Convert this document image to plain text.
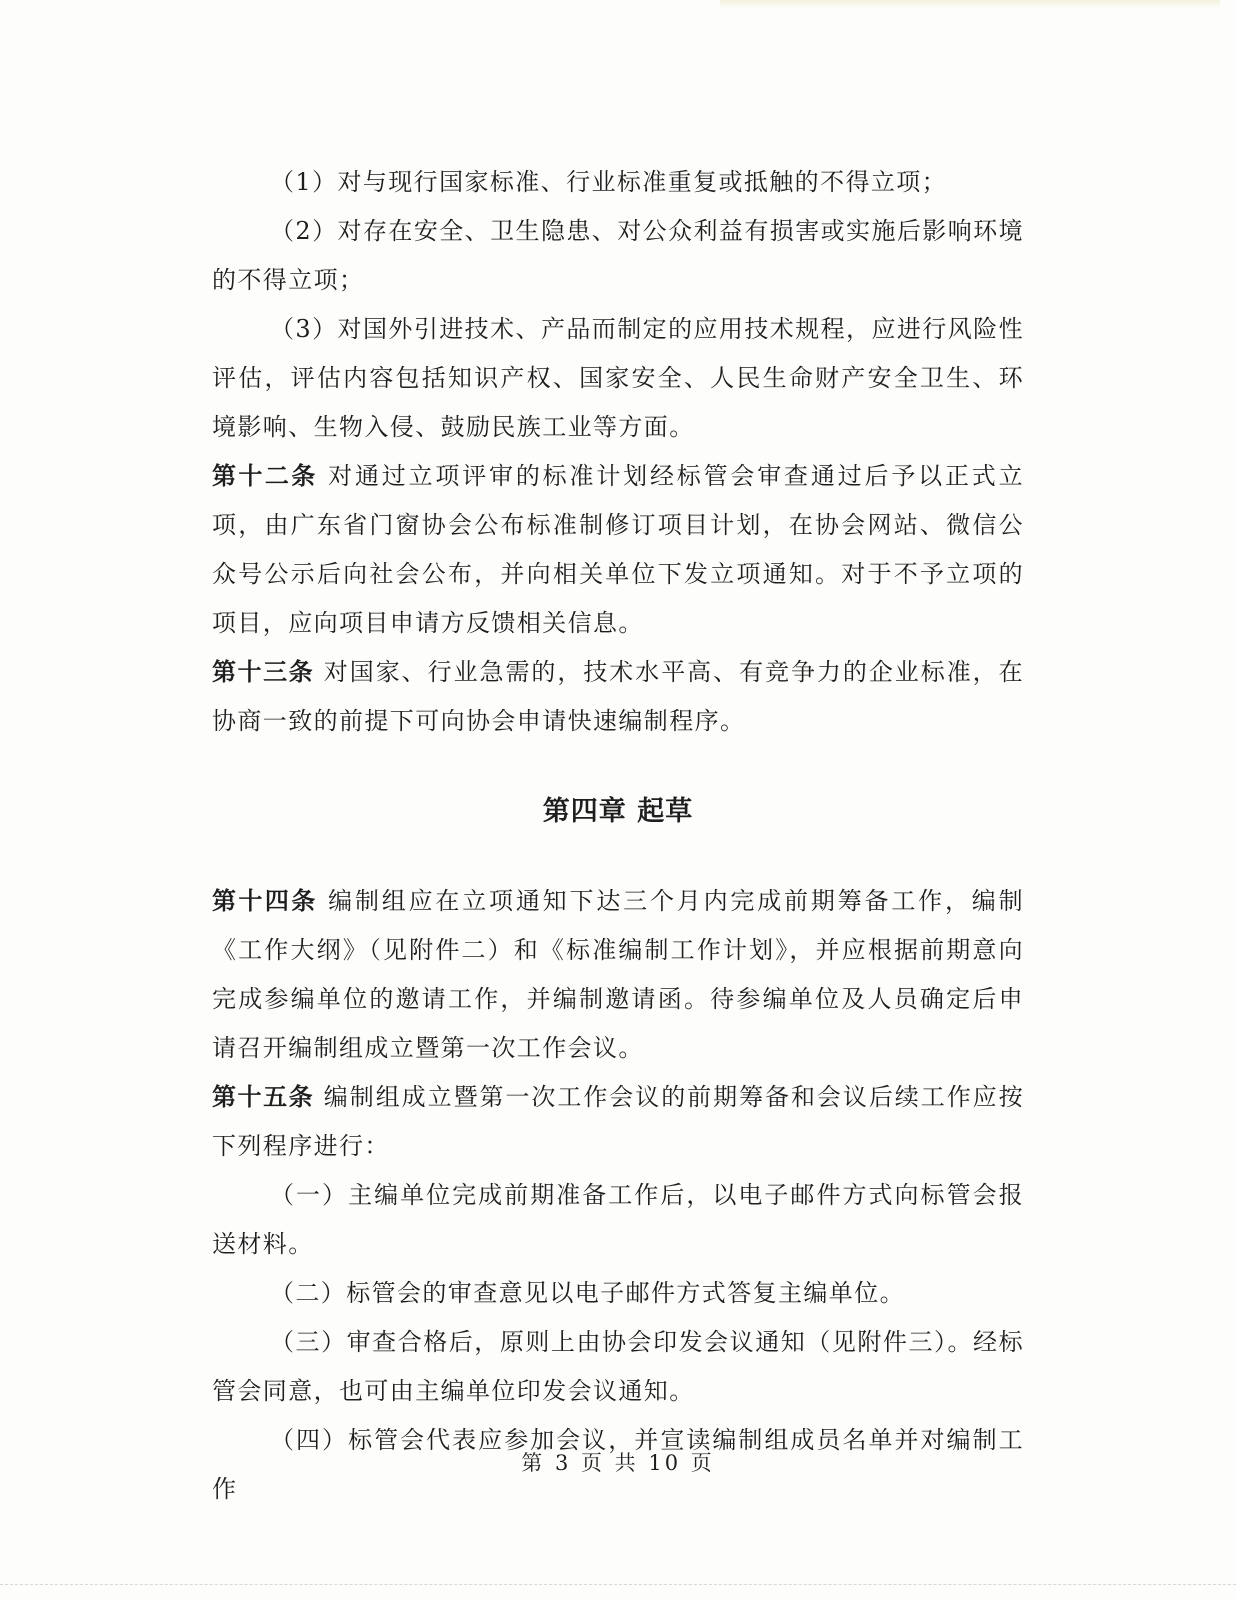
（1）对与现行国家标准、行业标准重复或抵触的不得立项；

（2）对存在安全、卫生隐患、对公众利益有损害或实施后影响环境的不得立项；

（3）对国外引进技术、产品而制定的应用技术规程，应进行风险性评估，评估内容包括知识产权、国家安全、人民生命财产安全卫生、环境影响、生物入侵、鼓励民族工业等方面。

第十二条 对通过立项评审的标准计划经标管会审查通过后予以正式立项，由广东省门窗协会公布标准制修订项目计划，在协会网站、微信公众号公示后向社会公布，并向相关单位下发立项通知。对于不予立项的项目，应向项目申请方反馈相关信息。

第十三条 对国家、行业急需的，技术水平高、有竞争力的企业标准，在协商一致的前提下可向协会申请快速编制程序。

第四章 起草

第十四条 编制组应在立项通知下达三个月内完成前期筹备工作，编制《工作大纲》（见附件二）和《标准编制工作计划》，并应根据前期意向完成参编单位的邀请工作，并编制邀请函。待参编单位及人员确定后申请召开编制组成立暨第一次工作会议。

第十五条 编制组成立暨第一次工作会议的前期筹备和会议后续工作应按下列程序进行：

（一）主编单位完成前期准备工作后，以电子邮件方式向标管会报送材料。

（二）标管会的审查意见以电子邮件方式答复主编单位。

（三）审查合格后，原则上由协会印发会议通知（见附件三）。经标管会同意，也可由主编单位印发会议通知。

（四）标管会代表应参加会议，并宣读编制组成员名单并对编制工作

第 3 页 共 10 页
